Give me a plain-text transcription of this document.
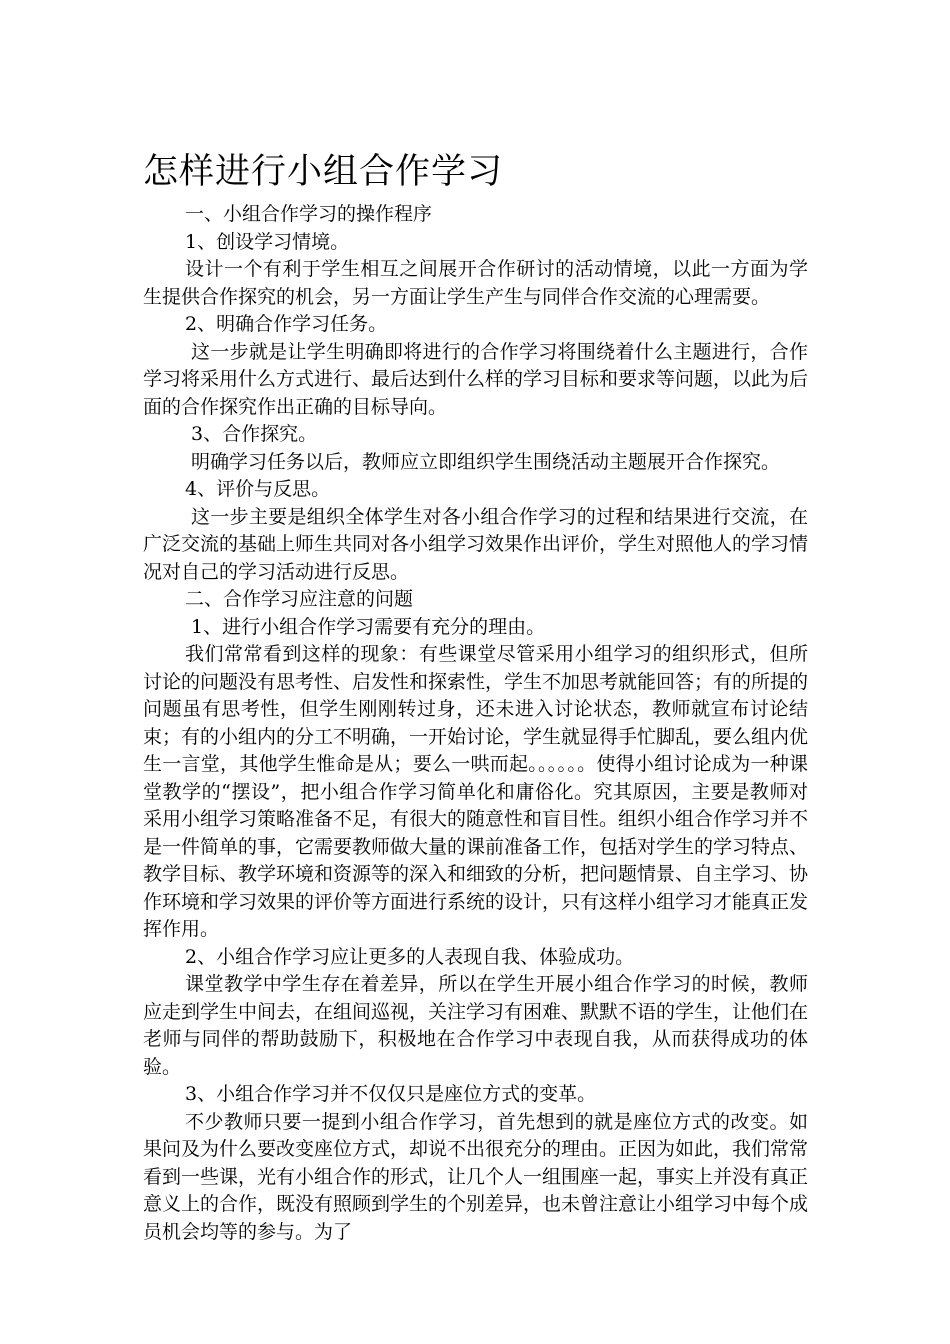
怎样进行小组合作学习

一、小组合作学习的操作程序

1、创设学习情境。

设计一个有利于学生相互之间展开合作研讨的活动情境，以此一方面为学生提供合作探究的机会，另一方面让学生产生与同伴合作交流的心理需要。

2、明确合作学习任务。

这一步就是让学生明确即将进行的合作学习将围绕着什么主题进行，合作学习将采用什么方式进行、最后达到什么样的学习目标和要求等问题，以此为后面的合作探究作出正确的目标导向。

3、合作探究。

明确学习任务以后，教师应立即组织学生围绕活动主题展开合作探究。

4、评价与反思。

这一步主要是组织全体学生对各小组合作学习的过程和结果进行交流，在广泛交流的基础上师生共同对各小组学习效果作出评价，学生对照他人的学习情况对自己的学习活动进行反思。

二、合作学习应注意的问题

1、进行小组合作学习需要有充分的理由。

我们常常看到这样的现象：有些课堂尽管采用小组学习的组织形式，但所讨论的问题没有思考性、启发性和探索性，学生不加思考就能回答；有的所提的问题虽有思考性，但学生刚刚转过身，还未进入讨论状态，教师就宣布讨论结束；有的小组内的分工不明确，一开始讨论，学生就显得手忙脚乱，要么组内优生一言堂，其他学生惟命是从；要么一哄而起。。。。。。使得小组讨论成为一种课堂教学的“摆设”，把小组合作学习简单化和庸俗化。究其原因，主要是教师对采用小组学习策略准备不足，有很大的随意性和盲目性。组织小组合作学习并不是一件简单的事，它需要教师做大量的课前准备工作，包括对学生的学习特点、教学目标、教学环境和资源等的深入和细致的分析，把问题情景、自主学习、协作环境和学习效果的评价等方面进行系统的设计，只有这样小组学习才能真正发挥作用。

2、小组合作学习应让更多的人表现自我、体验成功。

课堂教学中学生存在着差异，所以在学生开展小组合作学习的时候，教师应走到学生中间去，在组间巡视，关注学习有困难、默默不语的学生，让他们在老师与同伴的帮助鼓励下，积极地在合作学习中表现自我，从而获得成功的体验。

3、小组合作学习并不仅仅只是座位方式的变革。

不少教师只要一提到小组合作学习，首先想到的就是座位方式的改变。如果问及为什么要改变座位方式，却说不出很充分的理由。正因为如此，我们常常看到一些课，光有小组合作的形式，让几个人一组围座一起，事实上并没有真正意义上的合作，既没有照顾到学生的个别差异，也未曾注意让小组学习中每个成员机会均等的参与。为了
